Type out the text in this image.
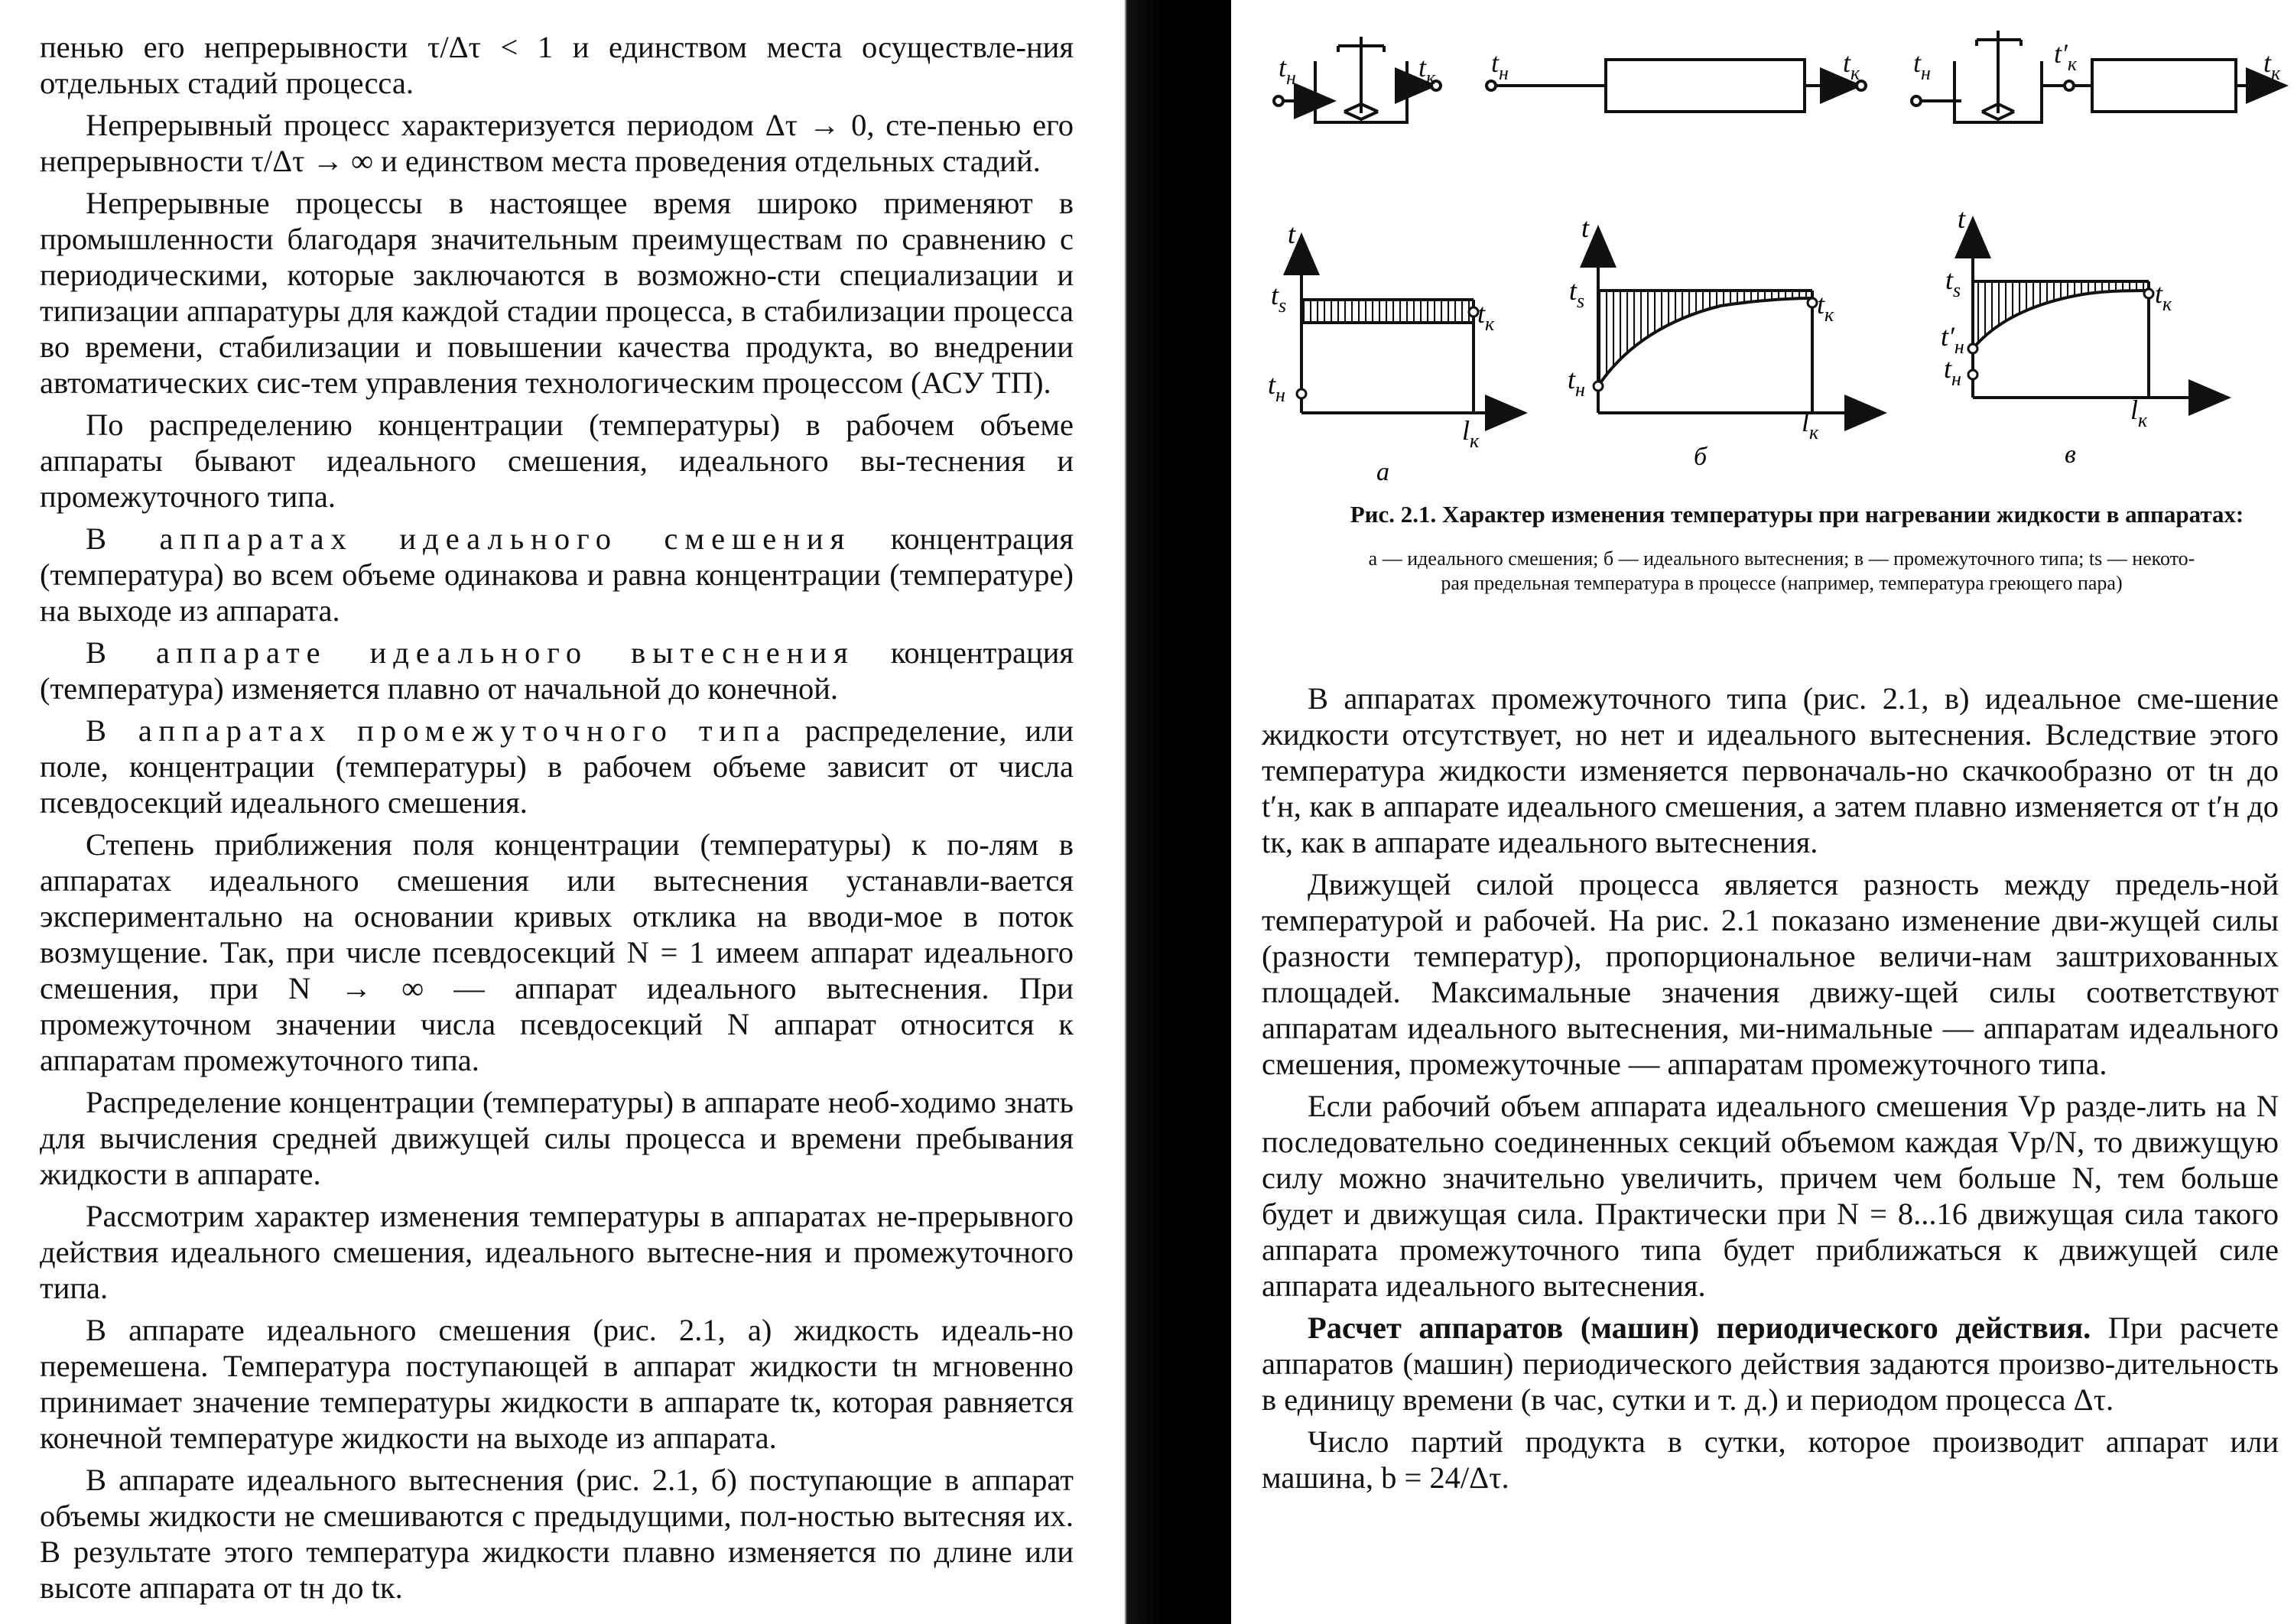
пенью его непрерывности τ/Δτ < 1 и единством места осуществле-ния отдельных стадий процесса.

Непрерывный процесс характеризуется периодом Δτ → 0, сте-пенью его непрерывности τ/Δτ → ∞ и единством места проведения отдельных стадий.

Непрерывные процессы в настоящее время широко применяют в промышленности благодаря значительным преимуществам по сравнению с периодическими, которые заключаются в возможно-сти специализации и типизации аппаратуры для каждой стадии процесса, в стабилизации процесса во времени, стабилизации и повышении качества продукта, во внедрении автоматических сис-тем управления технологическим процессом (АСУ ТП).

По распределению концентрации (температуры) в рабочем объеме аппараты бывают идеального смешения, идеального вы-теснения и промежуточного типа.

В аппаратах идеального смешения концентрация (температура) во всем объеме одинакова и равна концентрации (температуре) на выходе из аппарата.

В аппарате идеального вытеснения концентрация (температура) изменяется плавно от начальной до конечной.

В аппаратах промежуточного типа распределение, или поле, концентрации (температуры) в рабочем объеме зависит от числа псевдосекций идеального смешения.

Степень приближения поля концентрации (температуры) к по-лям в аппаратах идеального смешения или вытеснения устанавли-вается экспериментально на основании кривых отклика на вводи-мое в поток возмущение. Так, при числе псевдосекций N = 1 имеем аппарат идеального смешения, при N → ∞ — аппарат идеального вытеснения. При промежуточном значении числа псевдосекций N аппарат относится к аппаратам промежуточного типа.

Распределение концентрации (температуры) в аппарате необ-ходимо знать для вычисления средней движущей силы процесса и времени пребывания жидкости в аппарате.

Рассмотрим характер изменения температуры в аппаратах не-прерывного действия идеального смешения, идеального вытесне-ния и промежуточного типа.

В аппарате идеального смешения (рис. 2.1, а) жидкость идеаль-но перемешена. Температура поступающей в аппарат жидкости tн мгновенно принимает значение температуры жидкости в аппарате tк, которая равняется конечной температуре жидкости на выходе из аппарата.

В аппарате идеального вытеснения (рис. 2.1, б) поступающие в аппарат объемы жидкости не смешиваются с предыдущими, пол-ностью вытесняя их. В результате этого температура жидкости плавно изменяется по длине или высоте аппарата от tн до tк.

$t_н$	$t_к$ $t_н$	$t_к$ $t_н$
$t'_к$	$t_к$
t
$t_s$	$t_к$
$t_н$
$l_к$
а
t
$t_s$	$t_к$
$t_н$
$l_к$
б
t
$t_s$	$t_к$
$t'_н$
$t_н$
$l_к$
в

Рис. 2.1. Характер изменения температуры при нагревании жидкости в аппаратах:

а — идеального смешения; б — идеального вытеснения; в — промежуточного типа; ts — некото-
рая предельная температура в процессе (например, температура греющего пара)

В аппаратах промежуточного типа (рис. 2.1, в) идеальное сме-шение жидкости отсутствует, но нет и идеального вытеснения. Вследствие этого температура жидкости изменяется первоначаль-но скачкообразно от tн до t′н, как в аппарате идеального смешения, а затем плавно изменяется от t′н до tк, как в аппарате идеального вытеснения.

Движущей силой процесса является разность между предель-ной температурой и рабочей. На рис. 2.1 показано изменение дви-жущей силы (разности температур), пропорциональное величи-нам заштрихованных площадей. Максимальные значения движу-щей силы соответствуют аппаратам идеального вытеснения, ми-нимальные — аппаратам идеального смешения, промежуточные — аппаратам промежуточного типа.

Если рабочий объем аппарата идеального смешения Vр разде-лить на N последовательно соединенных секций объемом каждая Vр/N, то движущую силу можно значительно увеличить, причем чем больше N, тем больше будет и движущая сила. Практически при N = 8...16 движущая сила такого аппарата промежуточного типа будет приближаться к движущей силе аппарата идеального вытеснения.

Расчет аппаратов (машин) периодического действия. При расчете аппаратов (машин) периодического действия задаются произво-дительность в единицу времени (в час, сутки и т. д.) и периодом процесса Δτ.

Число партий продукта в сутки, которое производит аппарат или машина, b = 24/Δτ.
